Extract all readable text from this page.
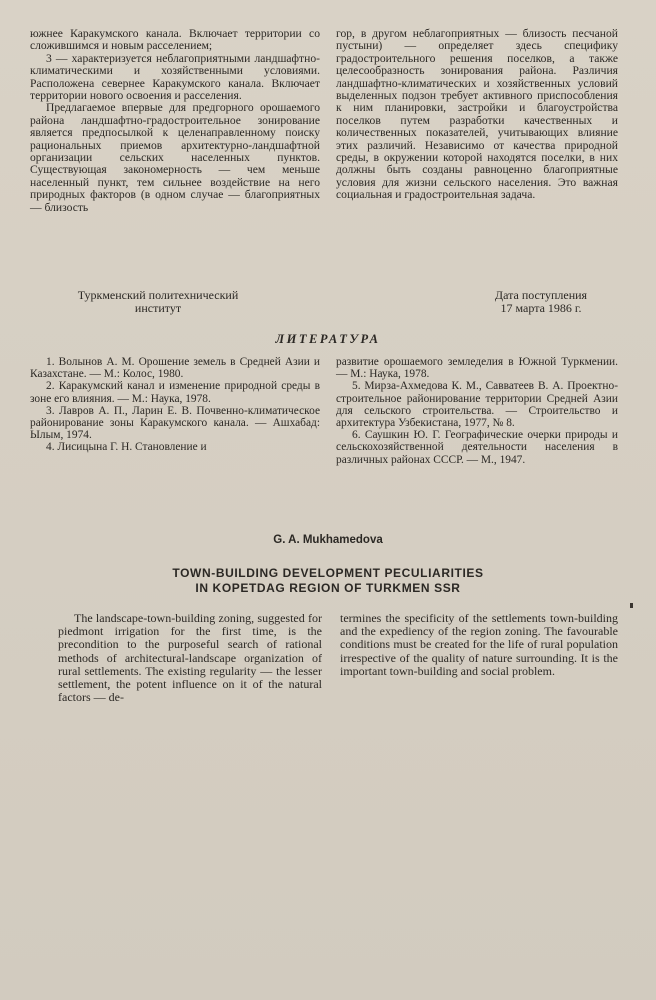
южнее Каракумского канала. Включает территории со сложившимся и новым расселением;

3 — характеризуется неблагоприятными ландшафтно-климатическими и хозяйственными условиями. Расположена севернее Каракумского канала. Включает территории нового освоения и расселения.

Предлагаемое впервые для предгорного орошаемого района ландшафтно-градостроительное зонирование является предпосылкой к целенаправленному поиску рациональных приемов архитектурно-ландшафтной организации сельских населенных пунктов. Существующая закономерность — чем меньше населенный пункт, тем сильнее воздействие на него природных факторов (в одном случае — благоприятных — близость

гор, в другом неблагоприятных — близость песчаной пустыни) — определяет здесь специфику градостроительного решения поселков, а также целесообразность зонирования района. Различия ландшафтно-климатических и хозяйственных условий выделенных подзон требует активного приспособления к ним планировки, застройки и благоустройства поселков путем разработки качественных и количественных показателей, учитывающих влияние этих различий. Независимо от качества природной среды, в окружении которой находятся поселки, в них должны быть созданы равноценно благоприятные условия для жизни сельского населения. Это важная социальная и градостроительная задача.

Туркменский политехнический
институт
Дата поступления
17 марта 1986 г.
ЛИТЕРАТУРА

1. Волынов А. М. Орошение земель в Средней Азии и Казахстане. — М.: Колос, 1980.

2. Каракумский канал и изменение природной среды в зоне его влияния. — М.: Наука, 1978.

3. Лавров А. П., Ларин Е. В. Почвенно-климатическое районирование зоны Каракумского канала. — Ашхабад: Ылым, 1974.

4. Лисицына Г. Н. Становление и

развитие орошаемого земледелия в Южной Туркмении. — М.: Наука, 1978.

5. Мирза-Ахмедова К. М., Савватеев В. А. Проектно-строительное районирование территории Средней Азии для сельского строительства. — Строительство и архитектура Узбекистана, 1977, № 8.

6. Саушкин Ю. Г. Географические очерки природы и сельскохозяйственной деятельности населения в различных районах СССР. — М., 1947.

G. A. Mukhamedova
TOWN-BUILDING DEVELOPMENT PECULIARITIES
IN KOPETDAG REGION OF TURKMEN SSR

The landscape-town-building zoning, suggested for piedmont irrigation for the first time, is the precondition to the purposeful search of rational methods of architectural-landscape organization of rural settlements. The existing regularity — the lesser settlement, the potent influence on it of the natural factors — de-

termines the specificity of the settlements town-building and the expediency of the region zoning. The favourable conditions must be created for the life of rural population irrespective of the quality of nature surrounding. It is the important town-building and social problem.
